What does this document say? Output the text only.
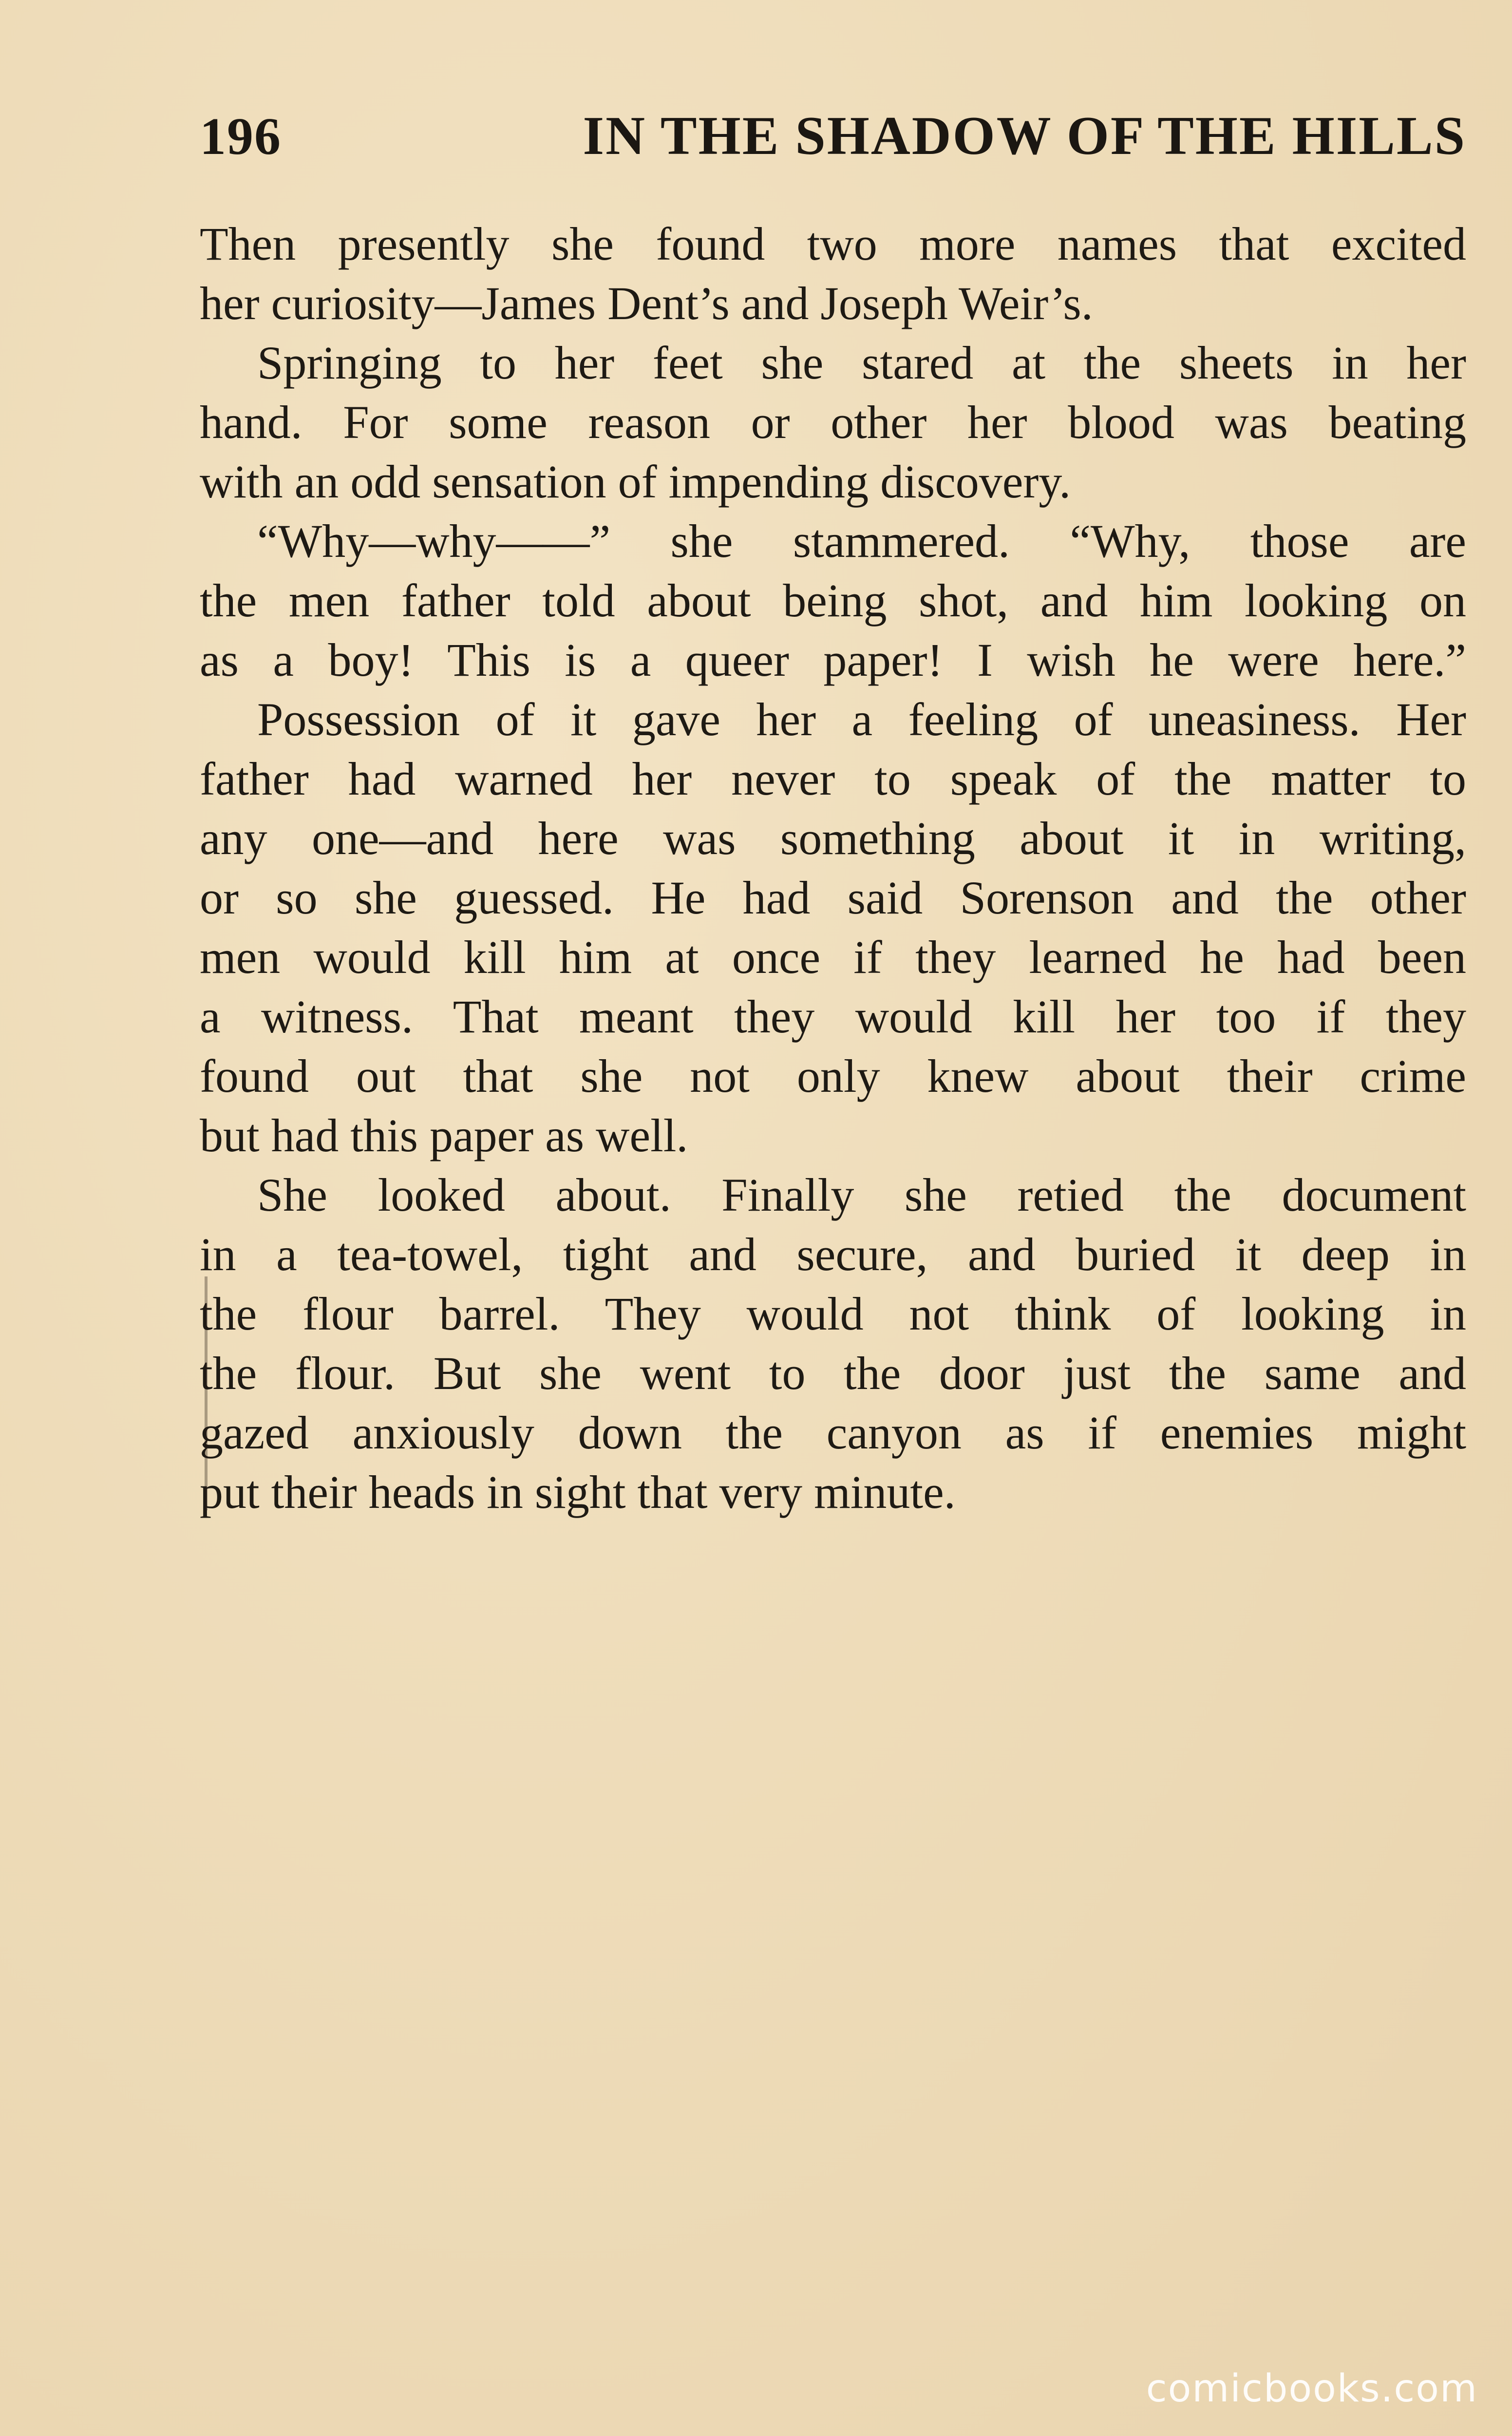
196	IN THE SHADOW OF THE HILLS

Then presently she found two more names that excited
her curiosity—James Dent’s and Joseph Weir’s.

Springing to her feet she stared at the sheets in her
hand. For some reason or other her blood was beating
with an odd sensation of impending discovery.

“Why—why——” she stammered. “Why, those are
the men father told about being shot, and him looking on
as a boy! This is a queer paper! I wish he were here.”

Possession of it gave her a feeling of uneasiness. Her
father had warned her never to speak of the matter to
any one—and here was something about it in writing,
or so she guessed. He had said Sorenson and the other
men would kill him at once if they learned he had been
a witness. That meant they would kill her too if they
found out that she not only knew about their crime
but had this paper as well.

She looked about. Finally she retied the document
in a tea-towel, tight and secure, and buried it deep in
the flour barrel. They would not think of looking in
the flour. But she went to the door just the same and
gazed anxiously down the canyon as if enemies might
put their heads in sight that very minute.

comicbooks.com
